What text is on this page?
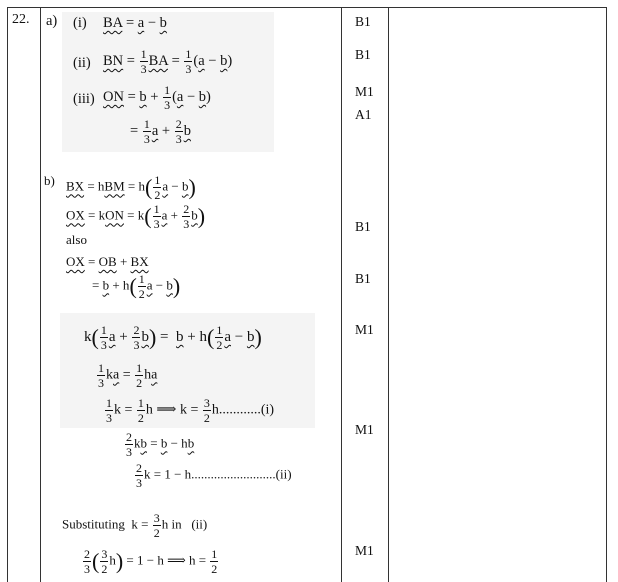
22. a) (i) BA = a − b
(ii) BN = $\frac{1}{3}$ BA = $\frac{1}{3} (a - b)$
(iii) ON = $b + \frac{1}{3} (a - b)$
= $\frac{1}{3}$ $a + \frac{2}{3}$ b
b) BX = hBM = $h( \frac{1}{2}$ a − b)
OX = kON = $k( \frac{1}{3}$ $a + \frac{2}{3} b$)
also
OX = OB + BX
= $b + h( \frac{1}{2}$ a − b)
$k( \frac{1}{3}$ $a + \frac{2}{3} b) = b + h( \frac{1}{2}$ a − b)
$\frac{1}{3}$ ka = $\frac{1}{2}$ ha
$\frac{1}{3}$ $k = \frac{1}{2}$ h ⟹ $k = \frac{3}{2} h............(i)$
$\frac{2}{3}$ kb = b − hb
$\frac{2}{3}$ k = 1 − h..........................(ii)
Substituting  $k = \frac{3}{2}$ h in (ii)
$\frac{2}{3}$ ( $\frac{3}{2} h) = 1 - h$ ⟹ $h = \frac{1}{2}$
B1
B1
M1
A1
B1
B1
M1
M1
M1
